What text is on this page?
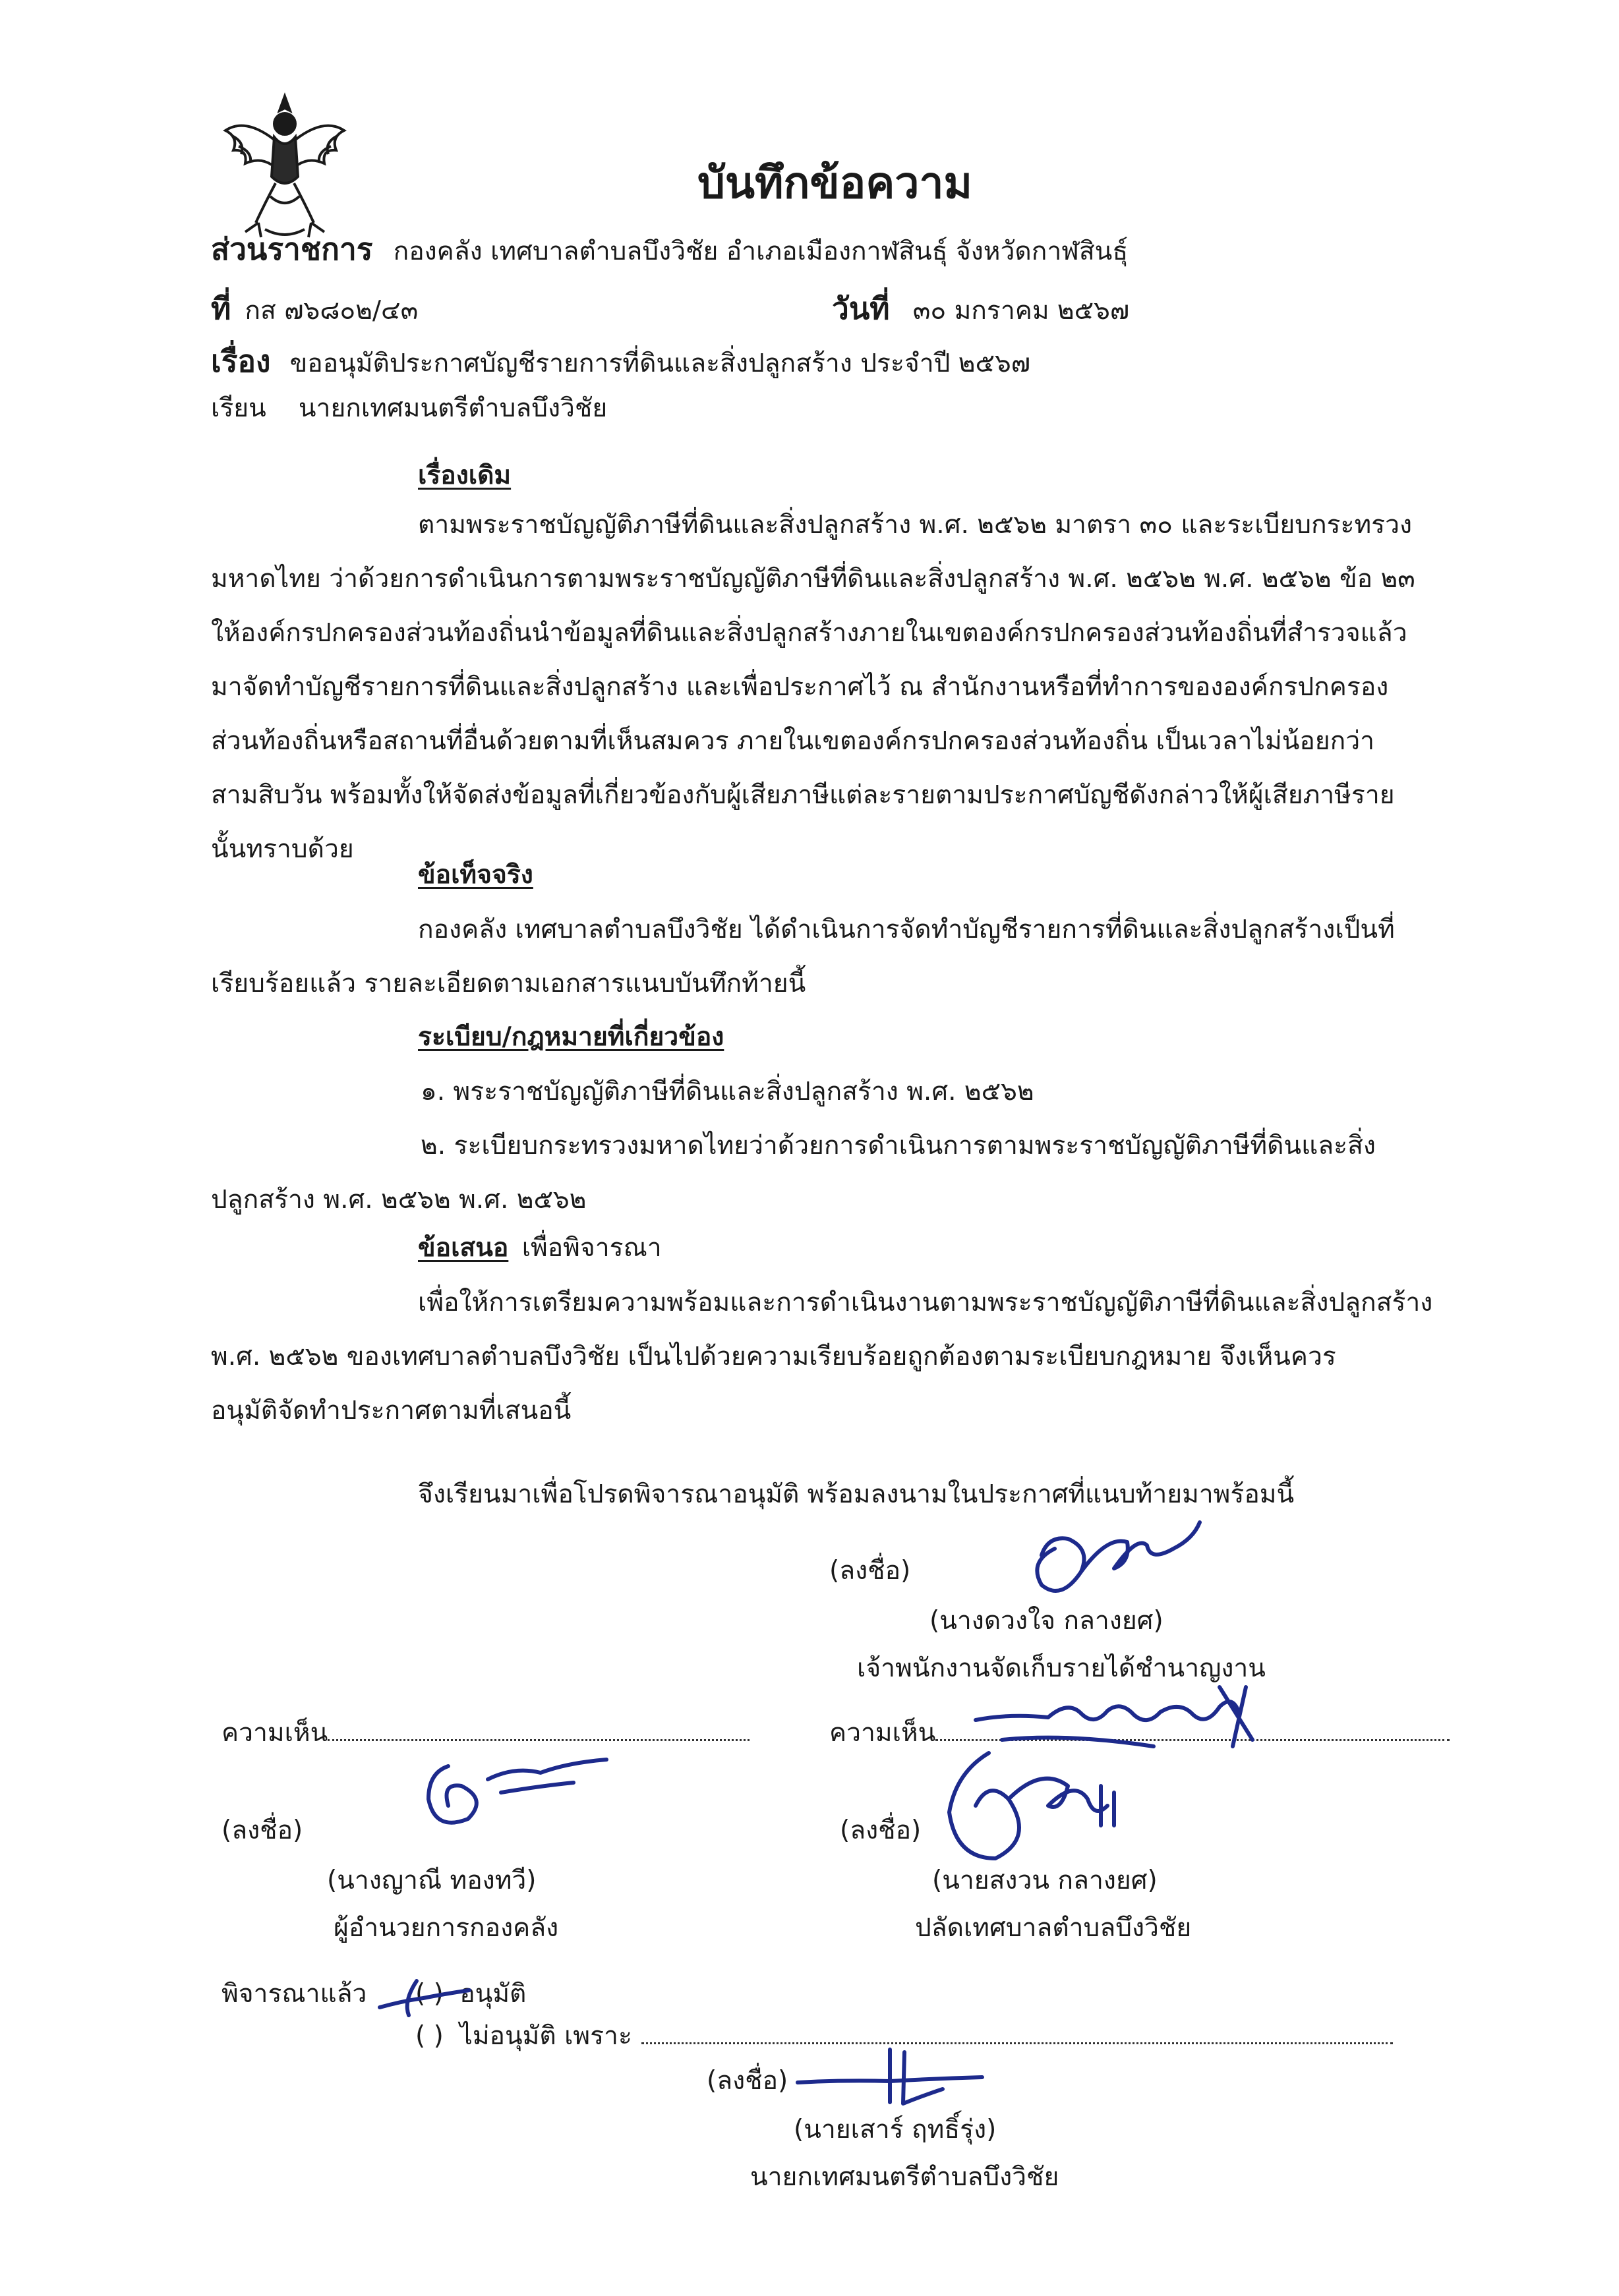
บันทึกข้อความ
ส่วนราชการ กองคลัง เทศบาลตำบลบึงวิชัย อำเภอเมืองกาฬสินธุ์ จังหวัดกาฬสินธุ์
ที่ กส ๗๖๘๐๒/๔๓	วันที่ ๓๐ มกราคม ๒๕๖๗
เรื่อง ขออนุมัติประกาศบัญชีรายการที่ดินและสิ่งปลูกสร้าง ประจำปี ๒๕๖๗
เรียน นายกเทศมนตรีตำบลบึงวิชัย
เรื่องเดิม
ตามพระราชบัญญัติภาษีที่ดินและสิ่งปลูกสร้าง พ.ศ. ๒๕๖๒ มาตรา ๓๐ และระเบียบกระทรวง
มหาดไทย ว่าด้วยการดำเนินการตามพระราชบัญญัติภาษีที่ดินและสิ่งปลูกสร้าง พ.ศ. ๒๕๖๒ พ.ศ. ๒๕๖๒ ข้อ ๒๓
ให้องค์กรปกครองส่วนท้องถิ่นนำข้อมูลที่ดินและสิ่งปลูกสร้างภายในเขตองค์กรปกครองส่วนท้องถิ่นที่สำรวจแล้ว
มาจัดทำบัญชีรายการที่ดินและสิ่งปลูกสร้าง และเพื่อประกาศไว้ ณ สำนักงานหรือที่ทำการขององค์กรปกครอง
ส่วนท้องถิ่นหรือสถานที่อื่นด้วยตามที่เห็นสมควร ภายในเขตองค์กรปกครองส่วนท้องถิ่น เป็นเวลาไม่น้อยกว่า
สามสิบวัน พร้อมทั้งให้จัดส่งข้อมูลที่เกี่ยวข้องกับผู้เสียภาษีแต่ละรายตามประกาศบัญชีดังกล่าวให้ผู้เสียภาษีราย
นั้นทราบด้วย
ข้อเท็จจริง
กองคลัง เทศบาลตำบลบึงวิชัย ได้ดำเนินการจัดทำบัญชีรายการที่ดินและสิ่งปลูกสร้างเป็นที่
เรียบร้อยแล้ว รายละเอียดตามเอกสารแนบบันทึกท้ายนี้
ระเบียบ/กฎหมายที่เกี่ยวข้อง
๑. พระราชบัญญัติภาษีที่ดินและสิ่งปลูกสร้าง พ.ศ. ๒๕๖๒
๒. ระเบียบกระทรวงมหาดไทยว่าด้วยการดำเนินการตามพระราชบัญญัติภาษีที่ดินและสิ่ง
ปลูกสร้าง พ.ศ. ๒๕๖๒ พ.ศ. ๒๕๖๒
ข้อเสนอ เพื่อพิจารณา
เพื่อให้การเตรียมความพร้อมและการดำเนินงานตามพระราชบัญญัติภาษีที่ดินและสิ่งปลูกสร้าง
พ.ศ. ๒๕๖๒ ของเทศบาลตำบลบึงวิชัย เป็นไปด้วยความเรียบร้อยถูกต้องตามระเบียบกฎหมาย จึงเห็นควร
อนุมัติจัดทำประกาศตามที่เสนอนี้
จึงเรียนมาเพื่อโปรดพิจารณาอนุมัติ พร้อมลงนามในประกาศที่แนบท้ายมาพร้อมนี้
(ลงชื่อ)
(นางดวงใจ กลางยศ)
เจ้าพนักงานจัดเก็บรายได้ชำนาญงาน
ความเห็น	ความเห็น
(ลงชื่อ)
(นางญาณี ทองทวี)
ผู้อำนวยการกองคลัง
(ลงชื่อ)
(นายสงวน กลางยศ)
ปลัดเทศบาลตำบลบึงวิชัย
พิจารณาแล้ว ( ) อนุมัติ
( ) ไม่อนุมัติ เพราะ
(ลงชื่อ)
(นายเสาร์ ฤทธิ์รุ่ง)
นายกเทศมนตรีตำบลบึงวิชัย
